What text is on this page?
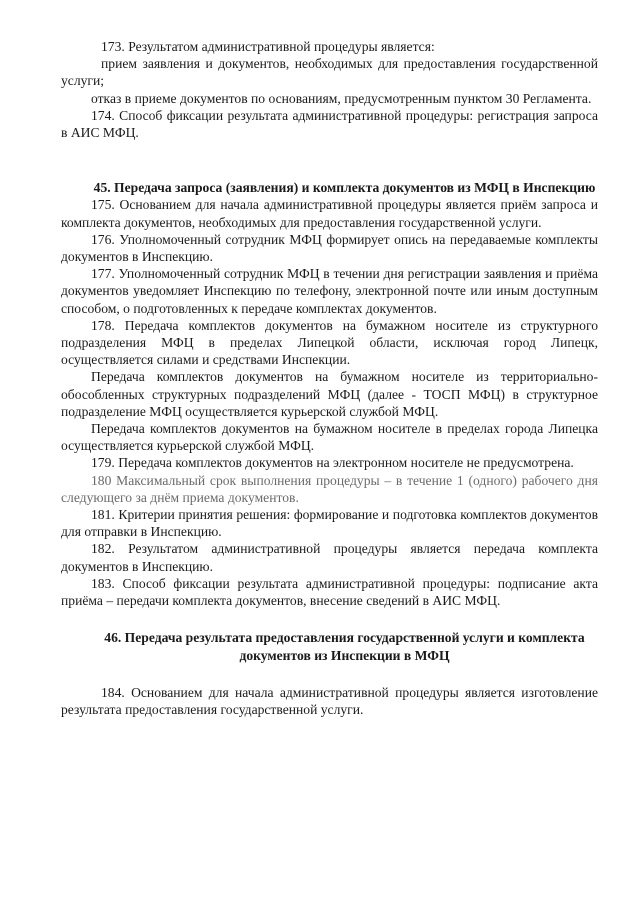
173. Результатом административной процедуры является:

прием заявления и документов, необходимых для предоставления государственной услуги;

отказ в приеме документов по основаниям, предусмотренным пунктом 30 Регламента.

174. Способ фиксации результата административной процедуры: регистрация запроса в АИС МФЦ.

45. Передача запроса (заявления) и комплекта документов из МФЦ в Инспекцию

175. Основанием для начала административной процедуры является приём запроса и комплекта документов, необходимых для предоставления государственной услуги.

176. Уполномоченный сотрудник МФЦ формирует опись на передаваемые комплекты документов в Инспекцию.

177. Уполномоченный сотрудник МФЦ в течении дня регистрации заявления и приёма документов уведомляет Инспекцию по телефону, электронной почте или иным доступным способом, о подготовленных к передаче комплектах документов.

178. Передача комплектов документов на бумажном носителе из структурного подразделения МФЦ в пределах Липецкой области, исключая город Липецк, осуществляется силами и средствами Инспекции.

Передача комплектов документов на бумажном носителе из территориально-обособленных структурных подразделений МФЦ (далее - ТОСП МФЦ) в структурное подразделение МФЦ осуществляется курьерской службой МФЦ.

Передача комплектов документов на бумажном носителе в пределах города Липецка осуществляется курьерской службой МФЦ.

179. Передача комплектов документов на электронном носителе не предусмотрена.

180 Максимальный срок выполнения процедуры – в течение 1 (одного) рабочего дня следующего за днём приема документов.

181. Критерии принятия решения: формирование и подготовка комплектов документов для отправки в Инспекцию.

182. Результатом административной процедуры является передача комплекта документов в Инспекцию.

183. Способ фиксации результата административной процедуры: подписание акта приёма – передачи комплекта документов, внесение сведений в АИС МФЦ.

46. Передача результата предоставления государственной услуги и комплекта документов из Инспекции в МФЦ

184. Основанием для начала административной процедуры является изготовление результата предоставления государственной услуги.
